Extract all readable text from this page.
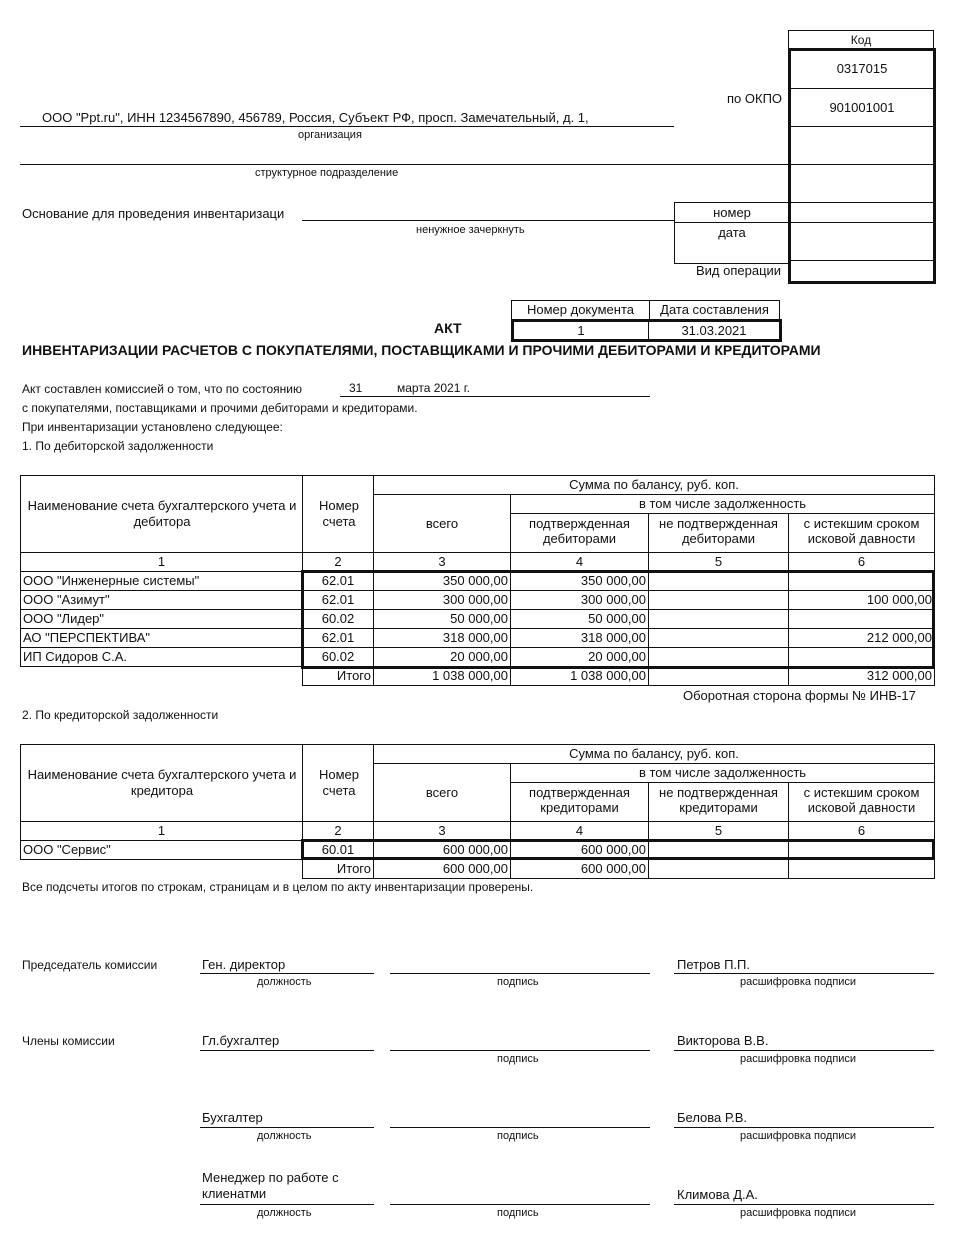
Код
0317015
901001001
по ОКПО
номер
дата
Вид операции
ООО "Ppt.ru", ИНН 1234567890, 456789, Россия, Субъект РФ, просп. Замечательный, д. 1,
организация
структурное подразделение
Основание для проведения инвентаризаци
ненужное зачеркнуть
Номер документа	Дата составления
1	31.03.2021
АКТ
ИНВЕНТАРИЗАЦИИ РАСЧЕТОВ С ПОКУПАТЕЛЯМИ, ПОСТАВЩИКАМИ И ПРОЧИМИ ДЕБИТОРАМИ И КРЕДИТОРАМИ
Акт составлен комиссией о том, что по состоянию	31	марта 2021 г.
с покупателями, поставщиками и прочими дебиторами и кредиторами.
При инвентаризации установлено следующее:
1. По дебиторской задолженности
		Сумма по балансу, руб. коп.			
		всего	в том числе задолженность		
			подтвержденная дебиторами	не подтвержденная дебиторами	с истекшим сроком исковой давности
1	2	3	4	5	6
ООО "Инженерные системы"	62.01	350 000,00	350 000,00		
ООО "Азимут"	62.01	300 000,00	300 000,00		100 000,00
ООО "Лидер"	60.02	50 000,00	50 000,00		
АО "ПЕРСПЕКТИВА"	62.01	318 000,00	318 000,00		212 000,00
ИП Сидоров С.А.	60.02	20 000,00	20 000,00		
	Итого	1 038 000,00	1 038 000,00		312 000,00
Наименование счета бухгалтерского учета и дебитора
Номер счета
Оборотная сторона формы № ИНВ-17
2. По кредиторской задолженности
		Сумма по балансу, руб. коп.			
		всего	в том числе задолженность		
			подтвержденная кредиторами	не подтвержденная кредиторами	с истекшим сроком исковой давности
1	2	3	4	5	6
ООО "Сервис"	60.01	600 000,00	600 000,00		
	Итого	600 000,00	600 000,00		
Наименование счета бухгалтерского учета и кредитора
Номер счета
Все подсчеты итогов по строкам, страницам и в целом по акту инвентаризации проверены.
Председатель комиссии
Члены комиссии
Ген. директор	Петров П.П.
должность	подпись	расшифровка подписи
Гл.бухгалтер	Викторова В.В.
подпись	расшифровка подписи
Бухгалтер	Белова Р.В.
должность	подпись	расшифровка подписи
Менеджер по работе с клиенатми	Климова Д.А.
должность	подпись	расшифровка подписи
